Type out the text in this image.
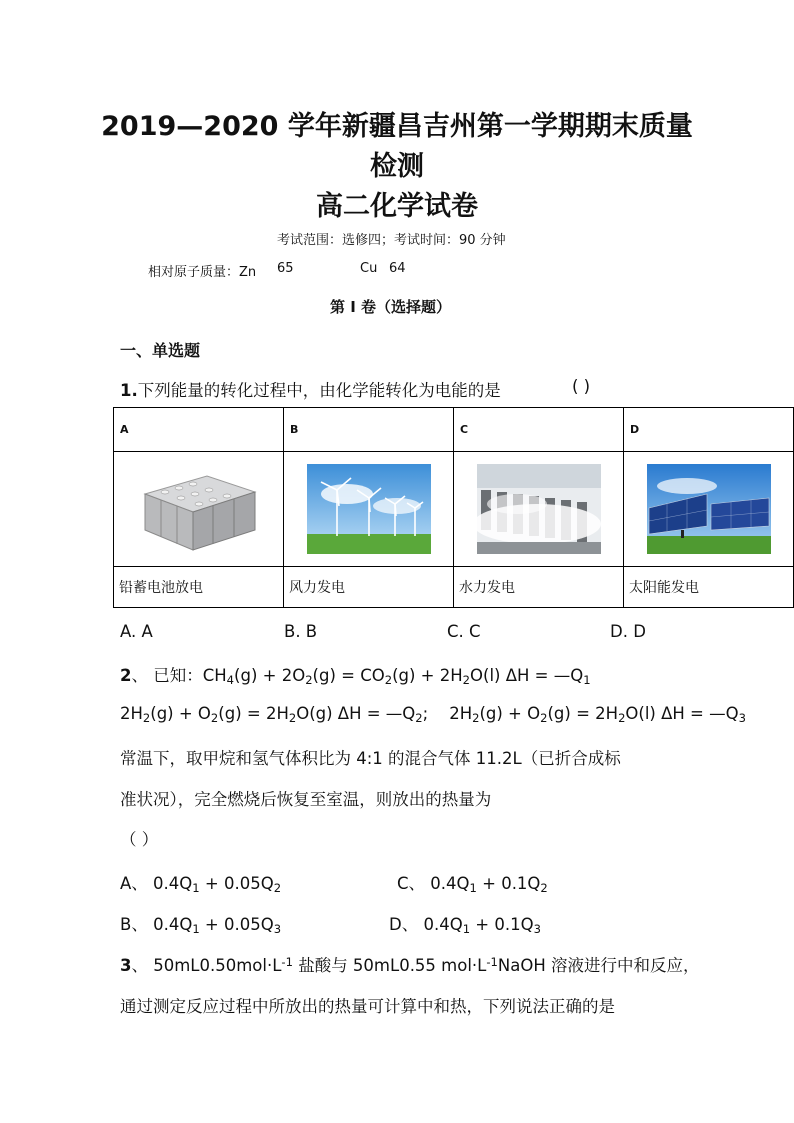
2019—2020 学年新疆昌吉州第一学期期末质量
检测
高二化学试卷
考试范围：选修四；考试时间：90 分钟
相对原子质量：Zn 65	Cu 64
第 I 卷（选择题）
一、单选题
1.下列能量的转化过程中，由化学能转化为电能的是	( )
A	B	C	D

铅蓄电池放电	风力发电	水力发电	太阳能发电
A. A	B. B	C. C	D. D
2、 已知：$CH_4(g) + 2O_2(g) = CO_2(g) + 2H_2O(l) \Delta H$ = $—Q_1$
$2H_2(g) + O_2(g) = 2H_2O(g) \Delta H$ = $—Q_2$;    $2H_2(g) + O_2(g) = 2H_2O(l) \Delta H$ = $—Q_3$
常温下，取甲烷和氢气体积比为 4:1 的混合气体 11.2L（已折合成标
准状况），完全燃烧后恢复至室温，则放出的热量为
（ ）
A、 $0.4Q_1 + 0.05Q_2$	C、 $0.4Q_1 + 0.1Q_2$
B、 $0.4Q_1 + 0.05Q_3$	D、 $0.4Q_1 + 0.1Q_3$
3、 $50mL0.50mol\cdot L^{-1}$ 盐酸与 50mL0.55 $mol\cdot L^{-1}NaOH$ 溶液进行中和反应，
通过测定反应过程中所放出的热量可计算中和热，下列说法正确的是
